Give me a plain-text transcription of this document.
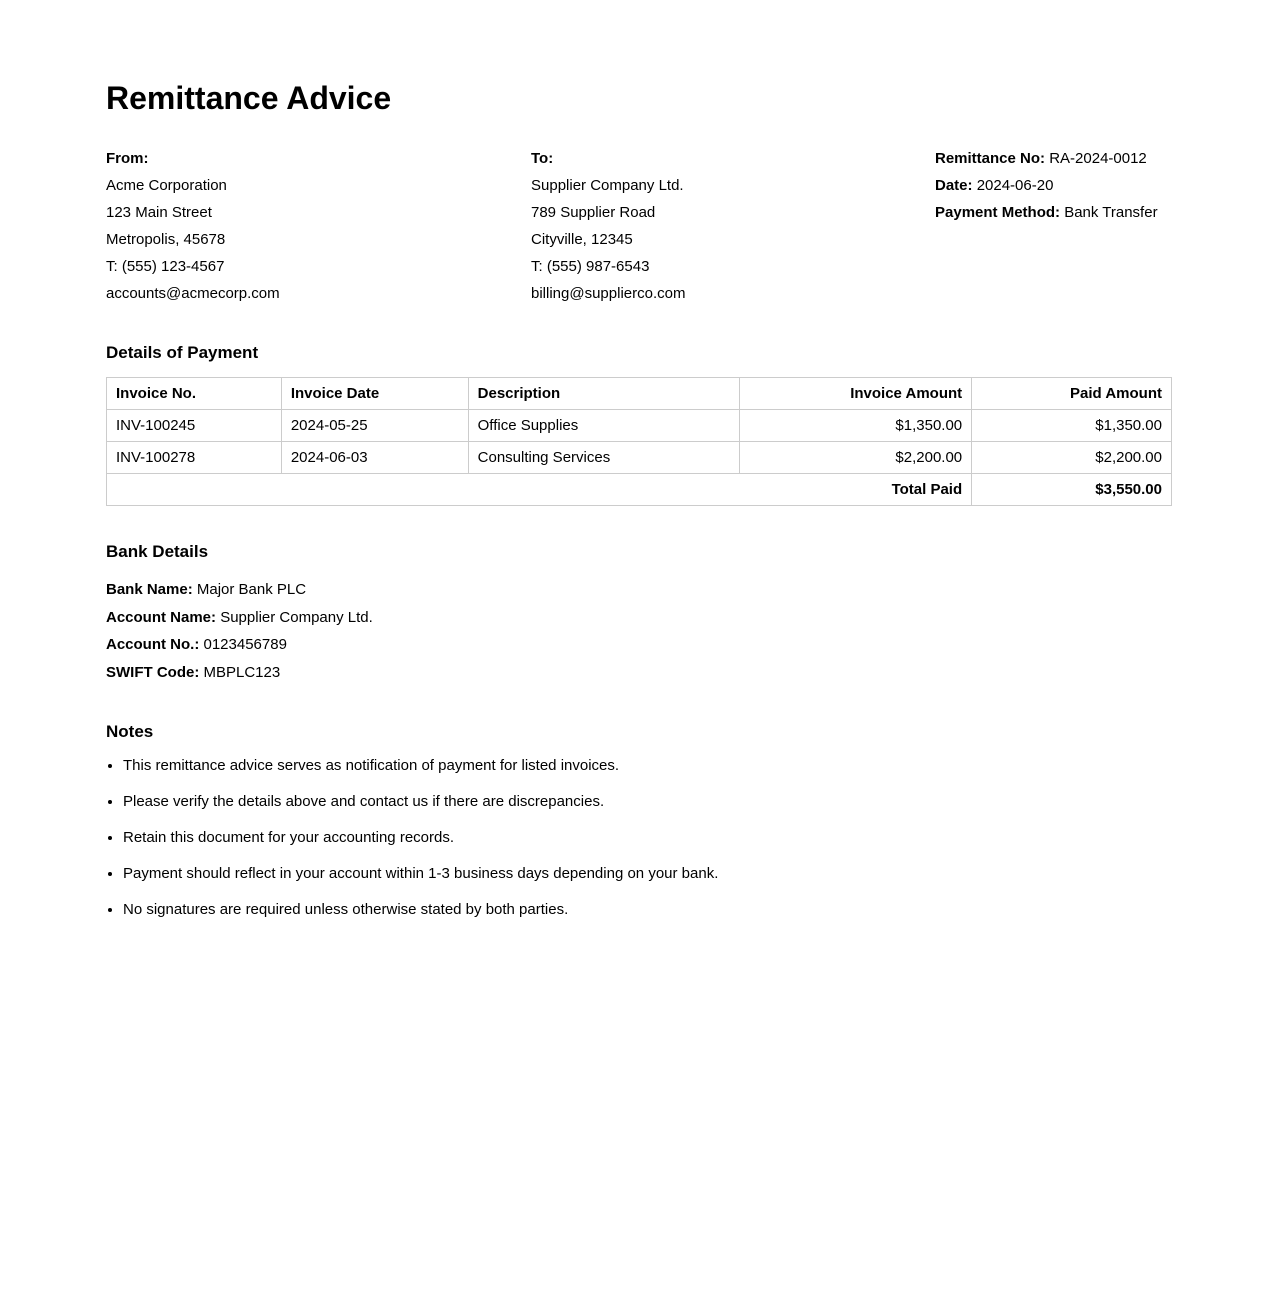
Remittance Advice
From:
Acme Corporation
123 Main Street
Metropolis, 45678
T: (555) 123-4567
accounts@acmecorp.com
To:
Supplier Company Ltd.
789 Supplier Road
Cityville, 12345
T: (555) 987-6543
billing@supplierco.com
Remittance No: RA-2024-0012
Date: 2024-06-20
Payment Method: Bank Transfer
Details of Payment
Invoice No.	Invoice Date	Description	Invoice Amount	Paid Amount
INV-100245	2024-05-25	Office Supplies	$1,350.00	$1,350.00
INV-100278	2024-06-03	Consulting Services	$2,200.00	$2,200.00
Total Paid				$3,550.00
Bank Details
Bank Name: Major Bank PLC
Account Name: Supplier Company Ltd.
Account No.: 0123456789
SWIFT Code: MBPLC123
Notes
• This remittance advice serves as notification of payment for listed invoices.
• Please verify the details above and contact us if there are discrepancies.
• Retain this document for your accounting records.
• Payment should reflect in your account within 1-3 business days depending on your bank.
• No signatures are required unless otherwise stated by both parties.
